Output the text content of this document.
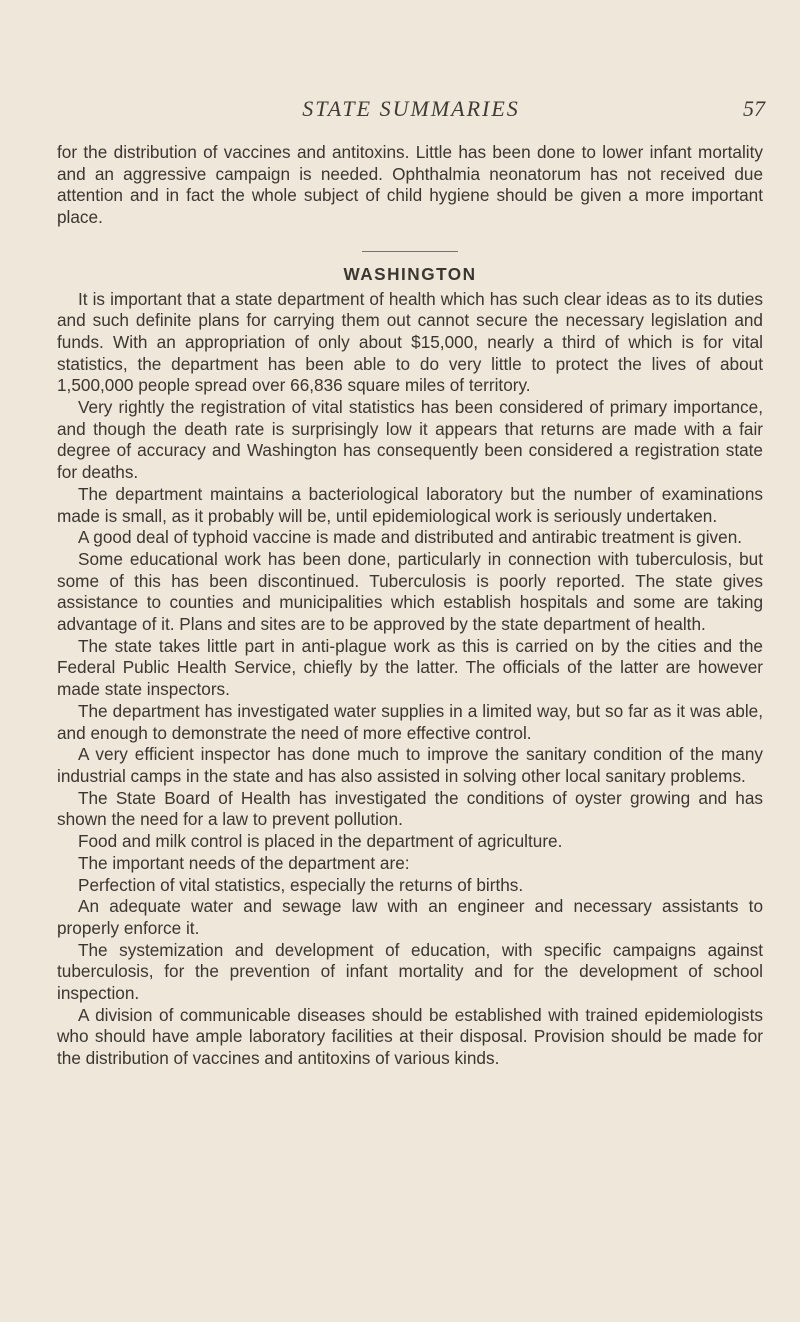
STATE SUMMARIES	57

for the distribution of vaccines and antitoxins. Little has been done to lower infant mortality and an aggressive campaign is needed. Ophthalmia neonatorum has not received due attention and in fact the whole subject of child hygiene should be given a more important place.

WASHINGTON

It is important that a state department of health which has such clear ideas as to its duties and such definite plans for carrying them out cannot secure the necessary legislation and funds. With an appropriation of only about $15,000, nearly a third of which is for vital statistics, the department has been able to do very little to protect the lives of about 1,500,000 people spread over 66,836 square miles of territory.

Very rightly the registration of vital statistics has been considered of primary importance, and though the death rate is surprisingly low it appears that returns are made with a fair degree of accuracy and Washington has consequently been considered a registration state for deaths.

The department maintains a bacteriological laboratory but the number of examinations made is small, as it probably will be, until epidemiological work is seriously undertaken.

A good deal of typhoid vaccine is made and distributed and antirabic treatment is given.

Some educational work has been done, particularly in connection with tuberculosis, but some of this has been discontinued. Tuberculosis is poorly reported. The state gives assistance to counties and municipalities which establish hospitals and some are taking advantage of it. Plans and sites are to be approved by the state department of health.

The state takes little part in anti-plague work as this is carried on by the cities and the Federal Public Health Service, chiefly by the latter. The officials of the latter are however made state inspectors.

The department has investigated water supplies in a limited way, but so far as it was able, and enough to demonstrate the need of more effective control.

A very efficient inspector has done much to improve the sanitary condition of the many industrial camps in the state and has also assisted in solving other local sanitary problems.

The State Board of Health has investigated the conditions of oyster growing and has shown the need for a law to prevent pollution.

Food and milk control is placed in the department of agriculture.

The important needs of the department are:

Perfection of vital statistics, especially the returns of births.

An adequate water and sewage law with an engineer and necessary assistants to properly enforce it.

The systemization and development of education, with specific campaigns against tuberculosis, for the prevention of infant mortality and for the development of school inspection.

A division of communicable diseases should be established with trained epidemiologists who should have ample laboratory facilities at their disposal. Provision should be made for the distribution of vaccines and antitoxins of various kinds.
